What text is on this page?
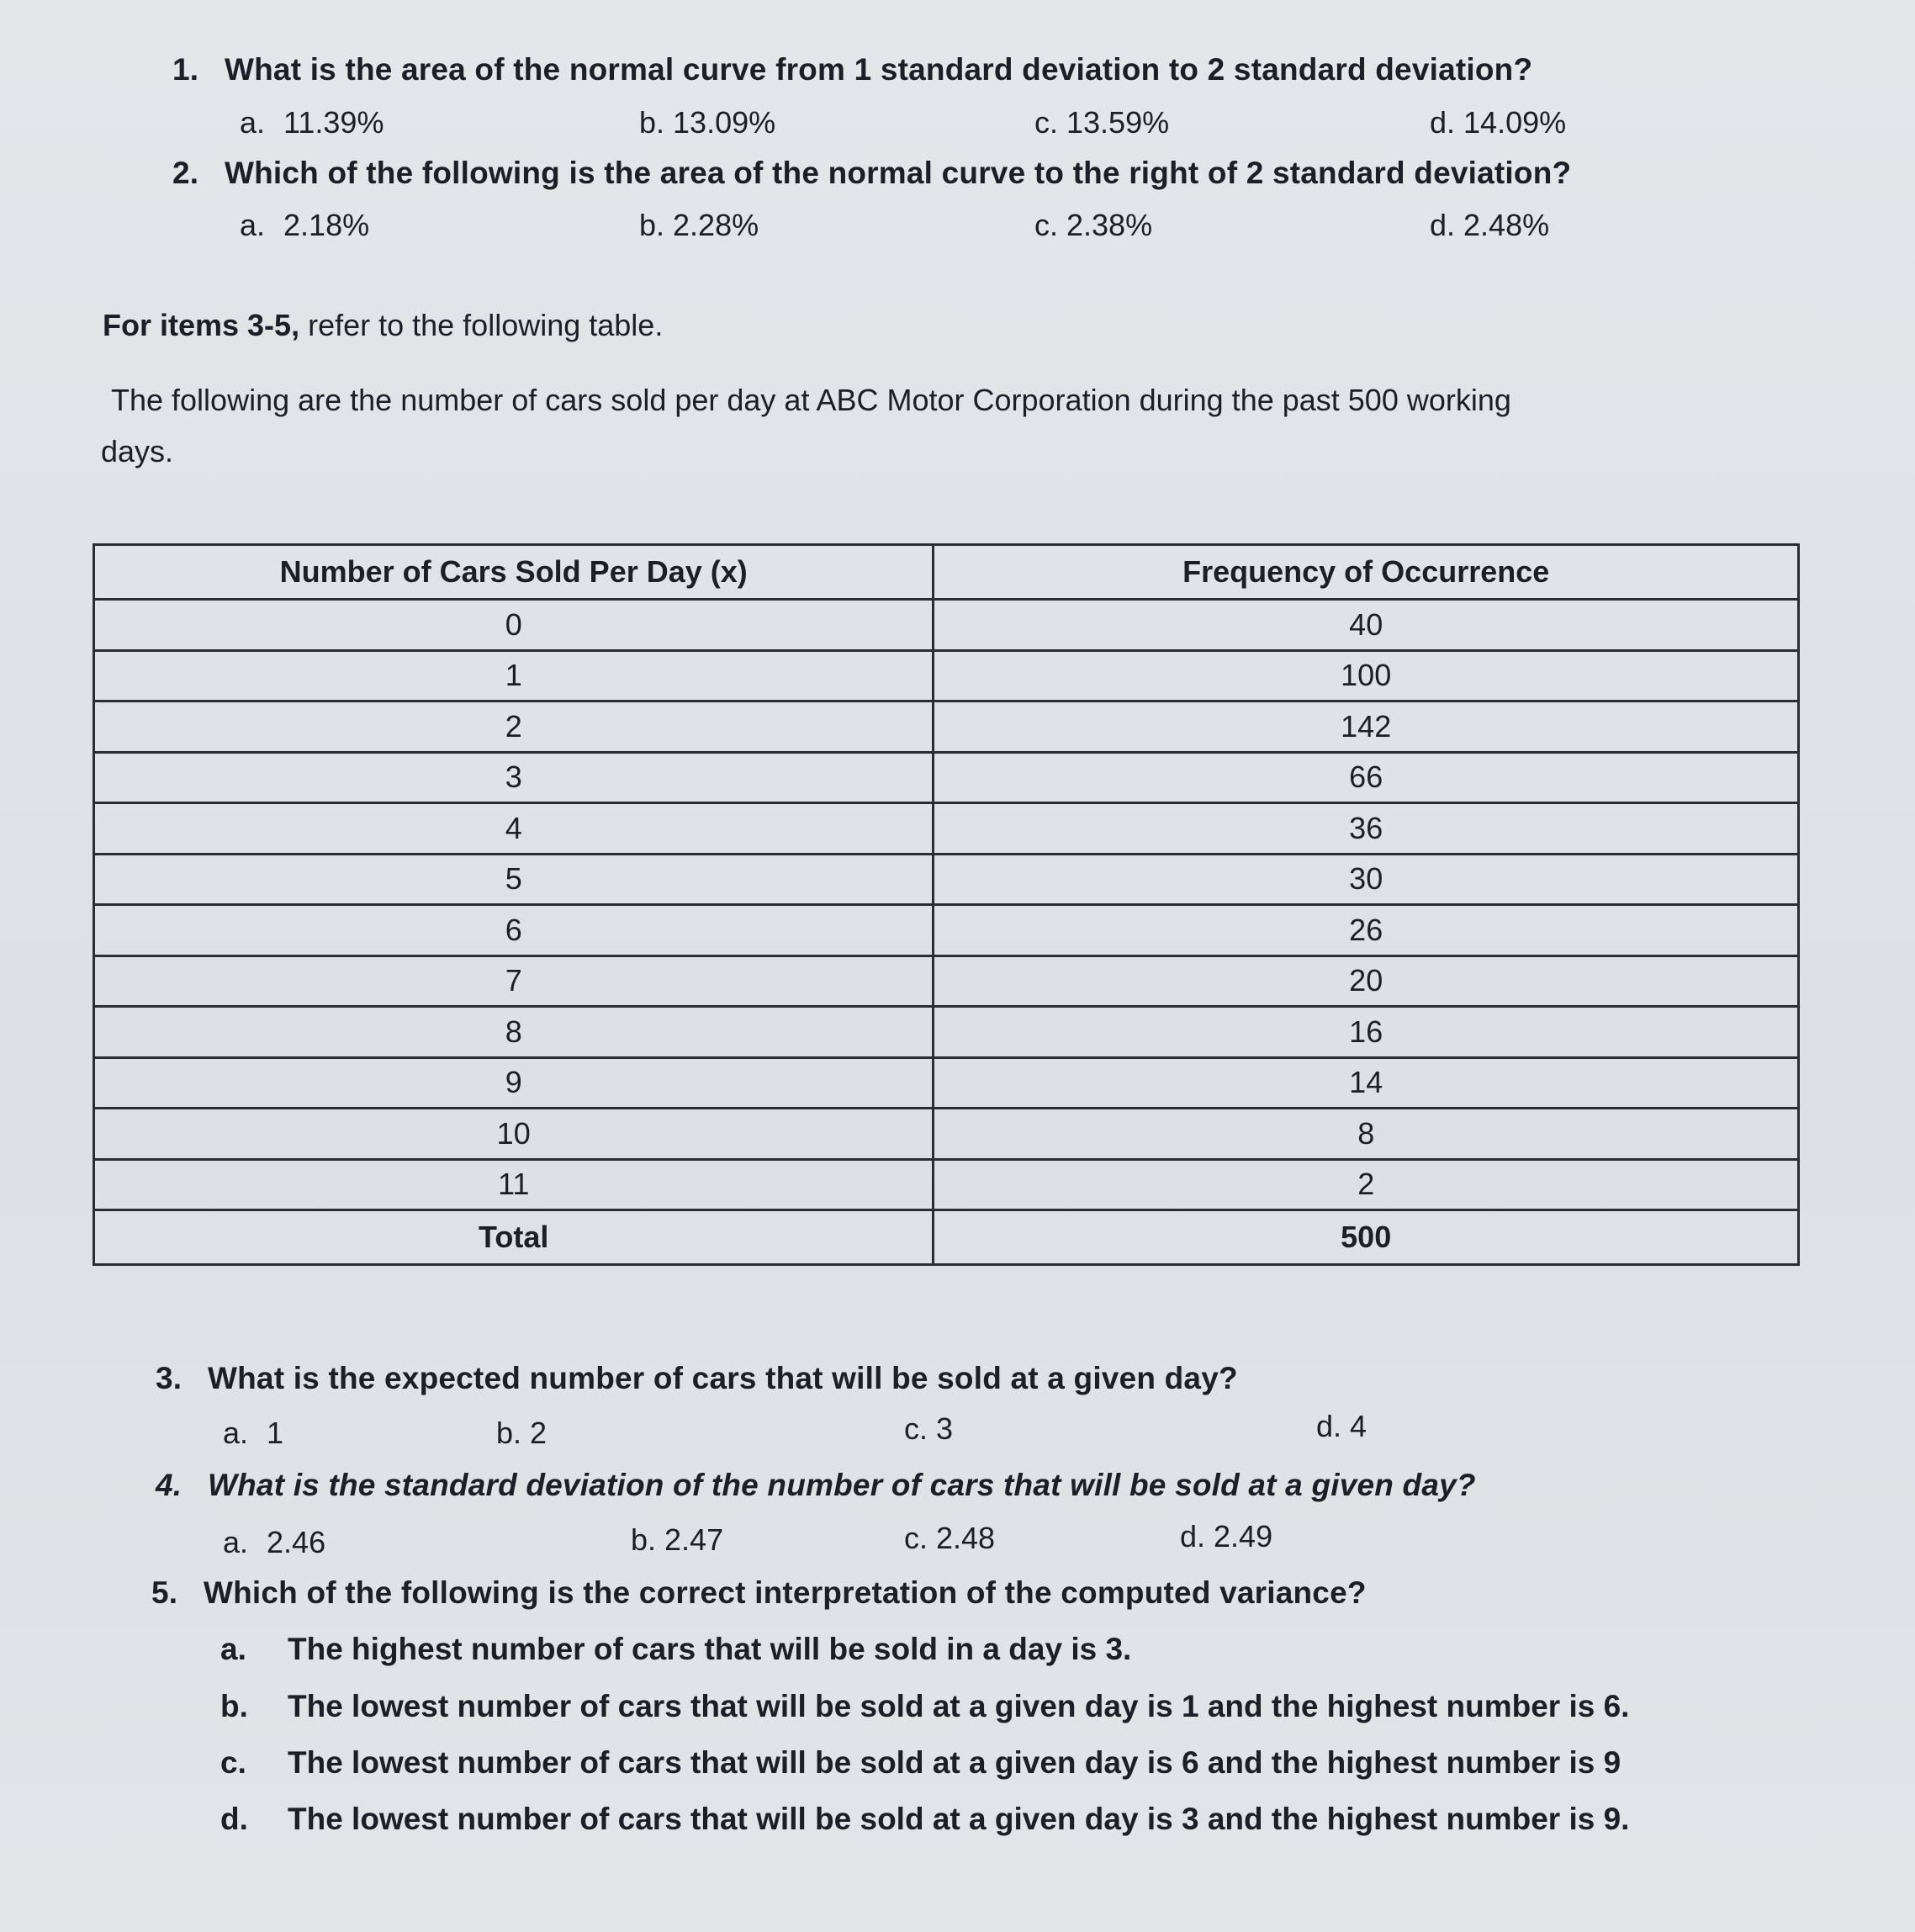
1. What is the area of the normal curve from 1 standard deviation to 2 standard deviation?
a. 11.39%	b. 13.09%	c. 13.59%	d. 14.09%
2. Which of the following is the area of the normal curve to the right of 2 standard deviation?
a. 2.18%	b. 2.28%	c. 2.38%	d. 2.48%
For items 3-5, refer to the following table.
The following are the number of cars sold per day at ABC Motor Corporation during the past 500 working
days.
Number of Cars Sold Per Day (x)	Frequency of Occurrence
0	40
1	100
2	142
3	66
4	36
5	30
6	26
7	20
8	16
9	14
10	8
11	2
Total	500
3. What is the expected number of cars that will be sold at a given day?
a. 1	b. 2	c. 3	d. 4
4. What is the standard deviation of the number of cars that will be sold at a given day?
a. 2.46	b. 2.47	c. 2.48	d. 2.49
5. Which of the following is the correct interpretation of the computed variance?
a. The highest number of cars that will be sold in a day is 3.
b. The lowest number of cars that will be sold at a given day is 1 and the highest number is 6.
c. The lowest number of cars that will be sold at a given day is 6 and the highest number is 9
d. The lowest number of cars that will be sold at a given day is 3 and the highest number is 9.
